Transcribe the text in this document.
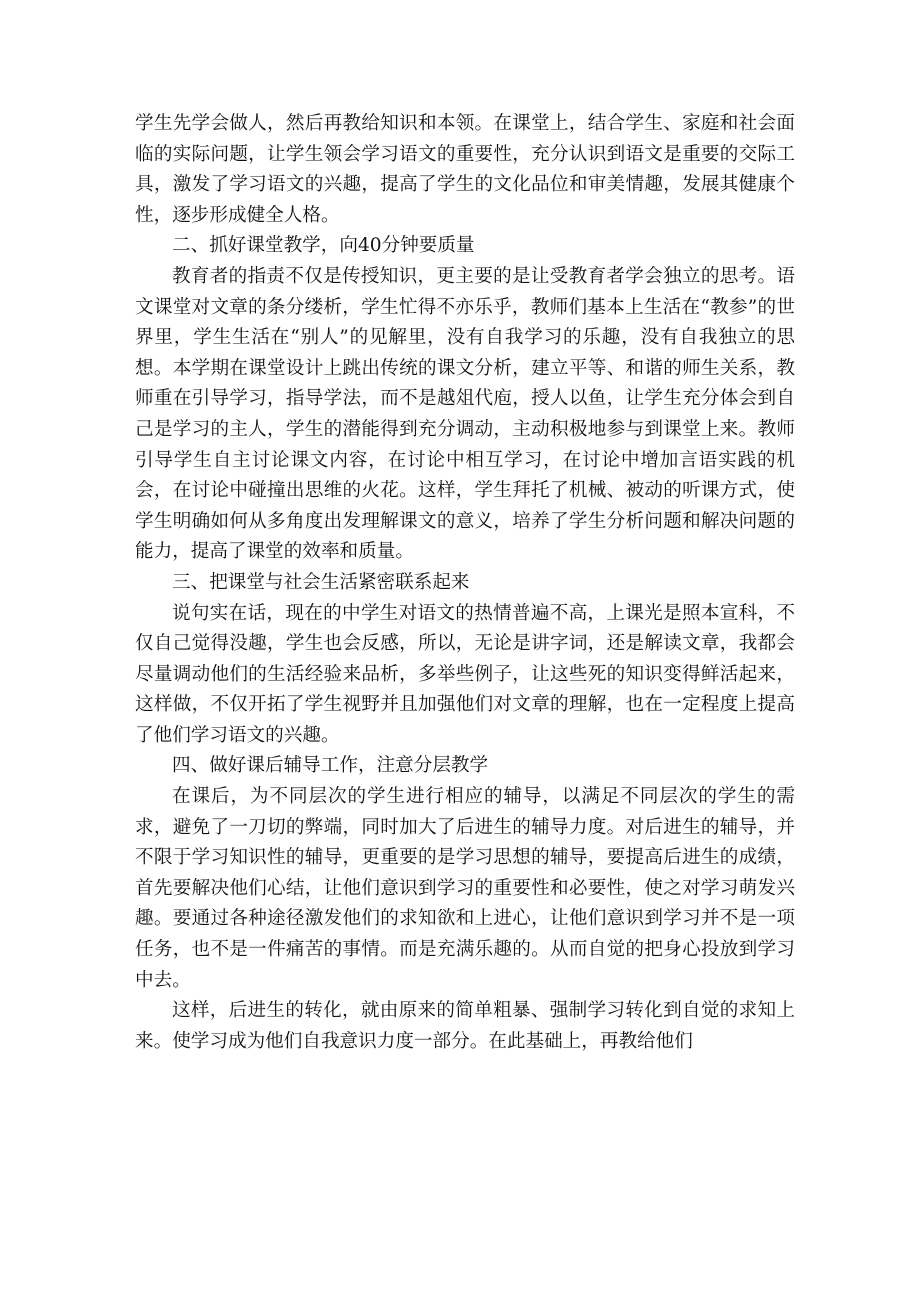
学生先学会做人，然后再教给知识和本领。在课堂上，结合学生、家庭和社会面临的实际问题，让学生领会学习语文的重要性，充分认识到语文是重要的交际工具，激发了学习语文的兴趣，提高了学生的文化品位和审美情趣，发展其健康个性，逐步形成健全人格。

二、抓好课堂教学，向40分钟要质量

教育者的指责不仅是传授知识，更主要的是让受教育者学会独立的思考。语文课堂对文章的条分缕析，学生忙得不亦乐乎，教师们基本上生活在“教参”的世界里，学生生活在“别人”的见解里，没有自我学习的乐趣，没有自我独立的思想。本学期在课堂设计上跳出传统的课文分析，建立平等、和谐的师生关系，教师重在引导学习，指导学法，而不是越俎代庖，授人以鱼，让学生充分体会到自己是学习的主人，学生的潜能得到充分调动，主动积极地参与到课堂上来。教师引导学生自主讨论课文内容，在讨论中相互学习，在讨论中增加言语实践的机会，在讨论中碰撞出思维的火花。这样，学生拜托了机械、被动的听课方式，使学生明确如何从多角度出发理解课文的意义，培养了学生分析问题和解决问题的能力，提高了课堂的效率和质量。

三、把课堂与社会生活紧密联系起来

说句实在话，现在的中学生对语文的热情普遍不高，上课光是照本宣科，不仅自己觉得没趣，学生也会反感，所以，无论是讲字词，还是解读文章，我都会尽量调动他们的生活经验来品析，多举些例子，让这些死的知识变得鲜活起来，这样做，不仅开拓了学生视野并且加强他们对文章的理解，也在一定程度上提高了他们学习语文的兴趣。

四、做好课后辅导工作，注意分层教学

在课后，为不同层次的学生进行相应的辅导，以满足不同层次的学生的需求，避免了一刀切的弊端，同时加大了后进生的辅导力度。对后进生的辅导，并不限于学习知识性的辅导，更重要的是学习思想的辅导，要提高后进生的成绩，首先要解决他们心结，让他们意识到学习的重要性和必要性，使之对学习萌发兴趣。要通过各种途径激发他们的求知欲和上进心，让他们意识到学习并不是一项任务，也不是一件痛苦的事情。而是充满乐趣的。从而自觉的把身心投放到学习中去。

这样，后进生的转化，就由原来的简单粗暴、强制学习转化到自觉的求知上来。使学习成为他们自我意识力度一部分。在此基础上，再教给他们
